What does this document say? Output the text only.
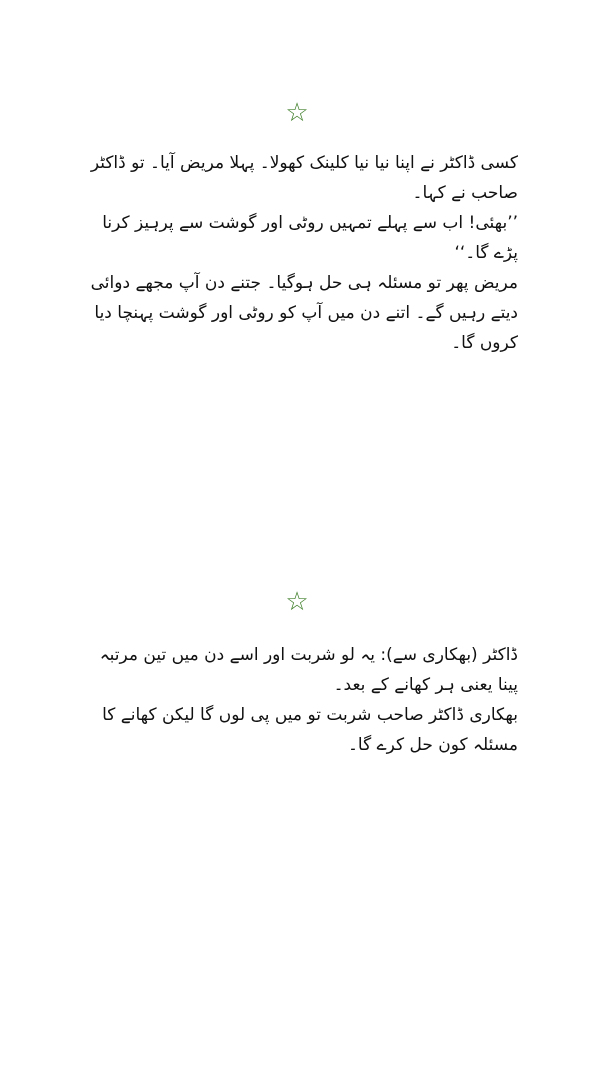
☆

کسی ڈاکٹر نے اپنا نیا نیا کلینک کھولا۔ پہلا مریض آیا۔ تو ڈاکٹر صاحب نے کہا۔

’’بھئی! اب سے پہلے تمہیں روٹی اور گوشت سے پرہیز کرنا پڑے گا۔‘‘

مریض پھر تو مسئلہ ہی حل ہوگیا۔ جتنے دن آپ مجھے دوائی دیتے رہیں گے۔ اتنے دن میں آپ کو روٹی اور گوشت پہنچا دیا کروں گا۔

☆

ڈاکٹر (بھکاری سے): یہ لو شربت اور اسے دن میں تین مرتبہ پینا یعنی ہر کھانے کے بعد۔

بھکاری ڈاکٹر صاحب شربت تو میں پی لوں گا لیکن کھانے کا مسئلہ کون حل کرے گا۔
